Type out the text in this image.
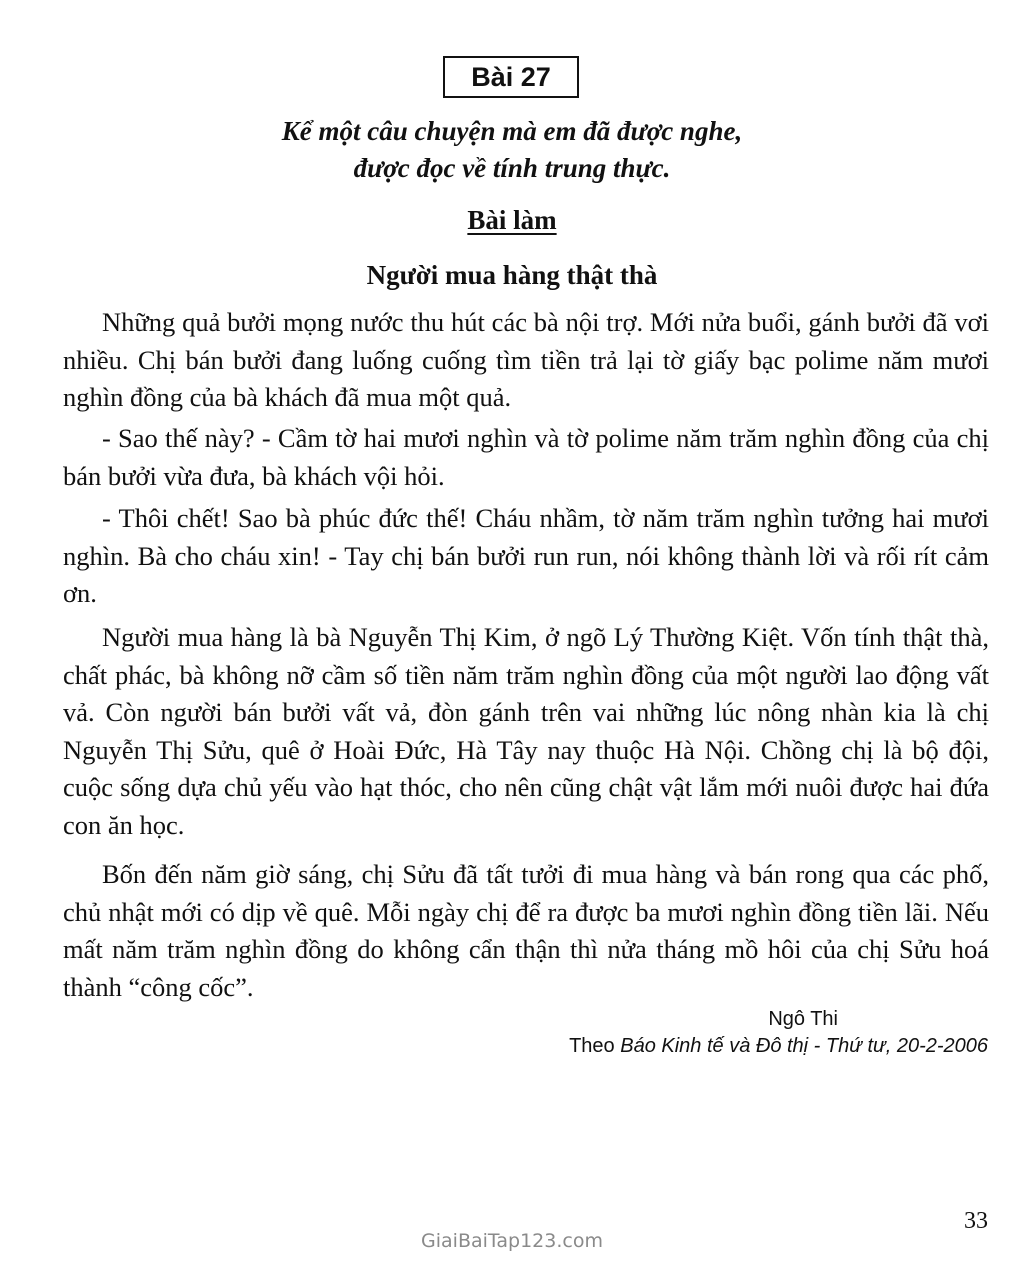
Bài 27
Kể một câu chuyện mà em đã được nghe,
được đọc về tính trung thực.
Bài làm
Người mua hàng thật thà

Những quả bưởi mọng nước thu hút các bà nội trợ. Mới nửa buổi, gánh bưởi đã vơi nhiều. Chị bán bưởi đang luống cuống tìm tiền trả lại tờ giấy bạc polime năm mươi nghìn đồng của bà khách đã mua một quả.

- Sao thế này? - Cầm tờ hai mươi nghìn và tờ polime năm trăm nghìn đồng của chị bán bưởi vừa đưa, bà khách vội hỏi.

- Thôi chết! Sao bà phúc đức thế! Cháu nhầm, tờ năm trăm nghìn tưởng hai mươi nghìn. Bà cho cháu xin! - Tay chị bán bưởi run run, nói không thành lời và rối rít cảm ơn.

Người mua hàng là bà Nguyễn Thị Kim, ở ngõ Lý Thường Kiệt. Vốn tính thật thà, chất phác, bà không nỡ cầm số tiền năm trăm nghìn đồng của một người lao động vất vả. Còn người bán bưởi vất vả, đòn gánh trên vai những lúc nông nhàn kia là chị Nguyễn Thị Sửu, quê ở Hoài Đức, Hà Tây nay thuộc Hà Nội. Chồng chị là bộ đội, cuộc sống dựa chủ yếu vào hạt thóc, cho nên cũng chật vật lắm mới nuôi được hai đứa con ăn học.

Bốn đến năm giờ sáng, chị Sửu đã tất tưởi đi mua hàng và bán rong qua các phố, chủ nhật mới có dịp về quê. Mỗi ngày chị để ra được ba mươi nghìn đồng tiền lãi. Nếu mất năm trăm nghìn đồng do không cẩn thận thì nửa tháng mồ hôi của chị Sửu hoá thành “công cốc”.

Ngô Thi
Theo Báo Kinh tế và Đô thị - Thứ tư, 20-2-2006
33
GiaiBaiTap123.com
